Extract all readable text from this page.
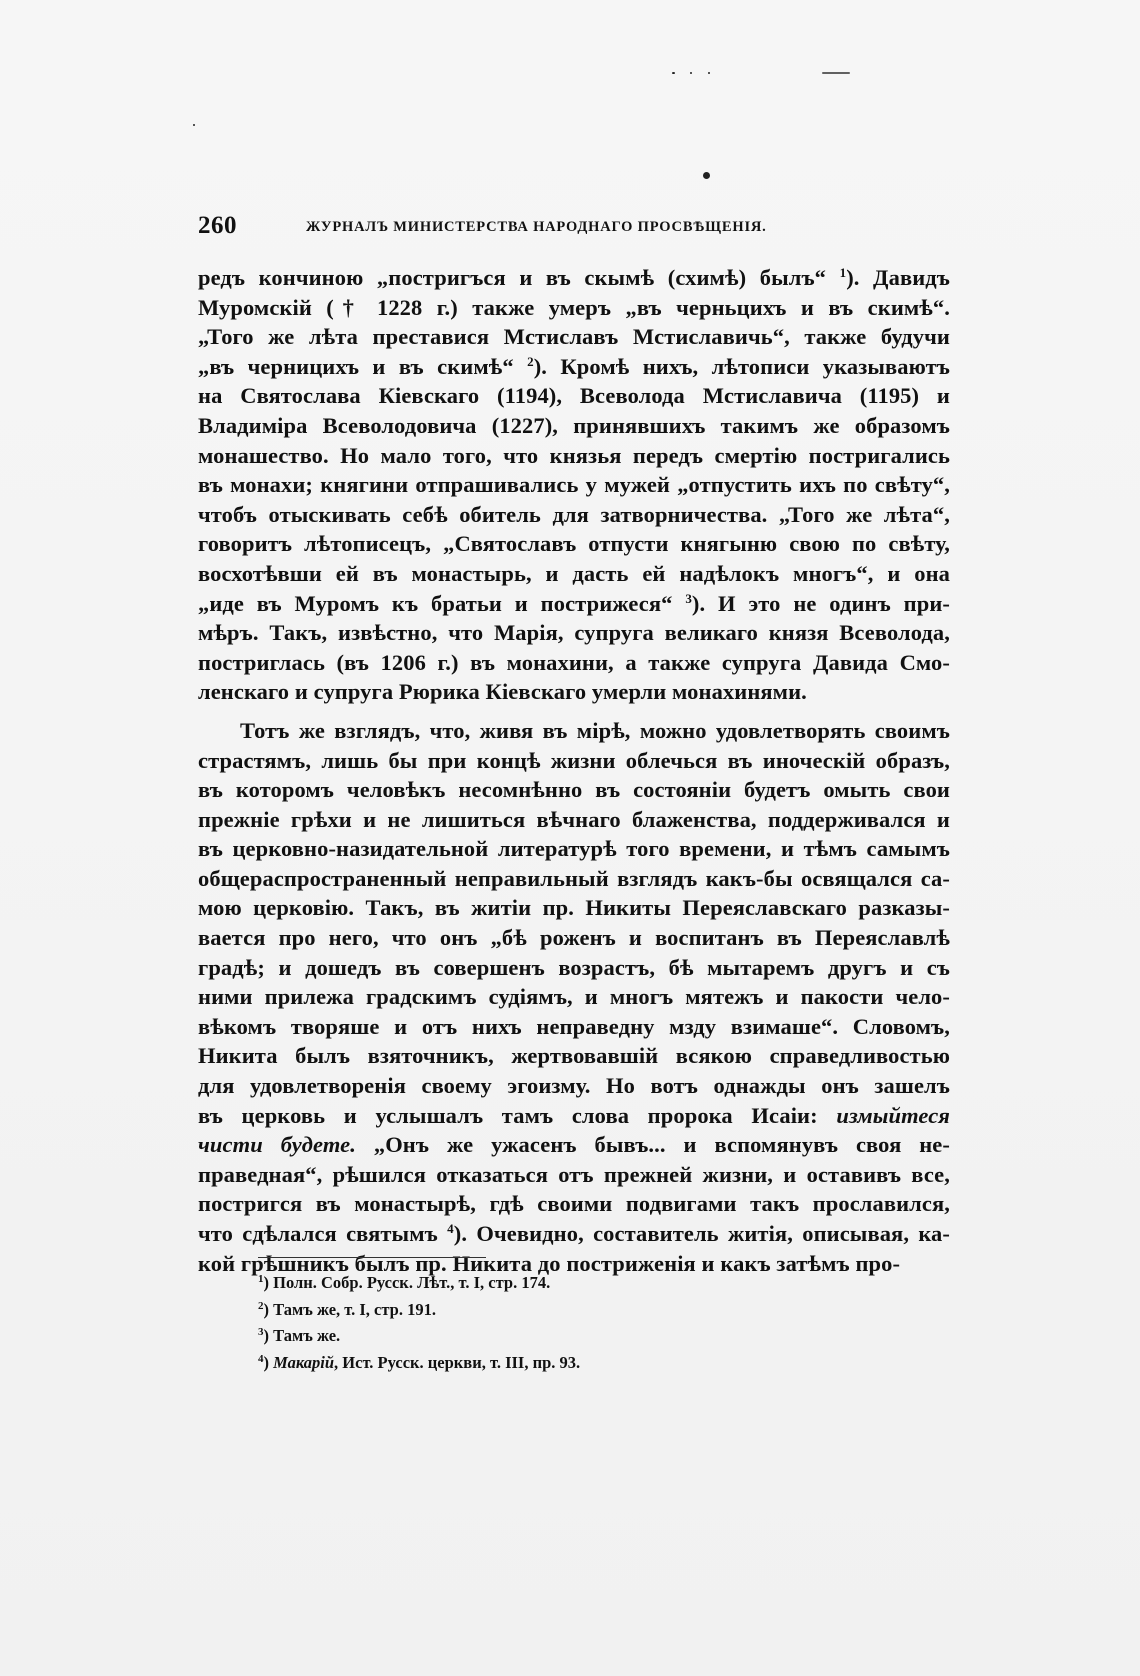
260	ЖУРНАЛЪ МИНИСТЕРСТВА НАРОДНАГО ПРОСВѢЩЕНІЯ.
редъ кончиною „постригъся и въ скымѣ (схимѣ) былъ“ $^1$). Давидъ
Муромскій († 1228 г.) также умеръ „въ черньцихъ и въ скимѣ“.
„Того же лѣта преставися Мстиславъ Мстиславичь“, также будучи
„въ черницихъ и въ скимѣ“ $^2$). Кромѣ нихъ, лѣтописи указываютъ
на Святослава Кіевскаго (1194), Всеволода Мстиславича (1195) и
Владиміра Всеволодовича (1227), принявшихъ такимъ же образомъ
монашество. Но мало того, что князья передъ смертію постригались
въ монахи; княгини отпрашивались у мужей „отпустить ихъ по свѣту“,
чтобъ отыскивать себѣ обитель для затворничества. „Того же лѣта“,
говоритъ лѣтописецъ, „Святославъ отпусти княгыню свою по свѣту,
восхотѣвши ей въ монастырь, и дасть ей надѣлокъ многъ“, и она
„иде въ Муромъ къ братьи и пострижеся“ $^3$). И это не одинъ при-
мѣръ. Такъ, извѣстно, что Марія, супруга великаго князя Всеволода,
постриглась (въ 1206 г.) въ монахини, а также супруга Давида Смо-
ленскаго и супруга Рюрика Кіевскаго умерли монахинями.
Тотъ же взглядъ, что, живя въ мірѣ, можно удовлетворять своимъ
страстямъ, лишь бы при концѣ жизни облечься въ иноческій образъ,
въ которомъ человѣкъ несомнѣнно въ состояніи будетъ омыть свои
прежніе грѣхи и не лишиться вѣчнаго блаженства, поддерживался и
въ церковно-назидательной литературѣ того времени, и тѣмъ самымъ
общераспространенный неправильный взглядъ какъ-бы освящался са-
мою церковію. Такъ, въ житіи пр. Никиты Переяславскаго разказы-
вается про него, что онъ „бѣ роженъ и воспитанъ въ Переяславлѣ
градѣ; и дошедъ въ совершенъ возрастъ, бѣ мытаремъ другъ и съ
ними прилежа градскимъ судіямъ, и многъ мятежъ и пакости чело-
вѣкомъ творяше и отъ нихъ неправедну мзду взимаше“. Словомъ,
Никита былъ взяточникъ, жертвовавшій всякою справедливостью
для удовлетворенія своему эгоизму. Но вотъ однажды онъ зашелъ
въ церковь и услышалъ тамъ слова пророка Исаіи: измыйтеся
чисти будете. „Онъ же ужасенъ бывъ... и вспомянувъ своя не-
праведная“, рѣшился отказаться отъ прежней жизни, и оставивъ все,
постригся въ монастырѣ, гдѣ своими подвигами такъ прославился,
что сдѣлался святымъ $^4$). Очевидно, составитель житія, описывая, ка-
кой грѣшникъ былъ пр. Никита до постриженія и какъ затѣмъ про-
$^1$) Полн. Собр. Русск. Лѣт., т. I, стр. 174.
$^2$) Тамъ же, т. I, стр. 191.
$^3$) Тамъ же.
$^4$) Макарій, Ист. Русск. церкви, т. III, пр. 93.
